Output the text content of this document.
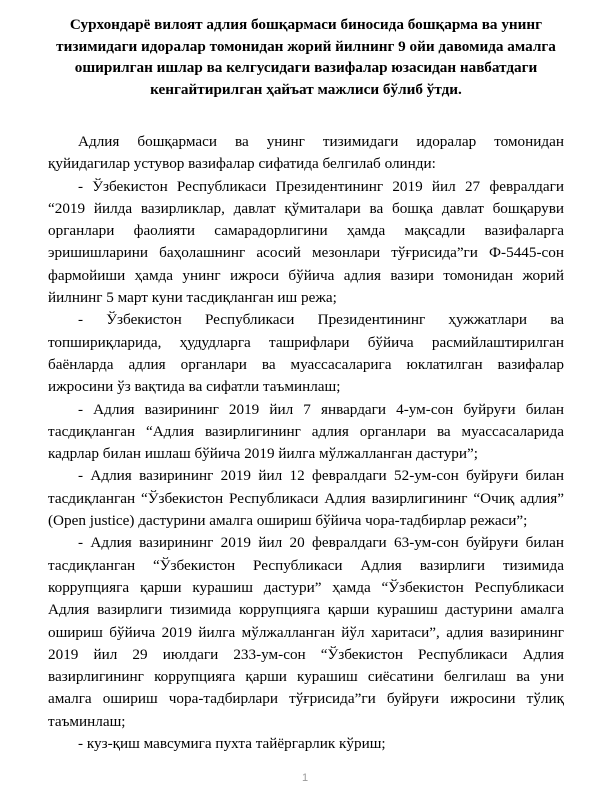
Сурхондарё вилоят адлия бошқармаси биносида бошқарма ва унинг тизимидаги идоралар томонидан жорий йилнинг 9 ойи давомида амалга оширилган ишлар ва келгусидаги вазифалар юзасидан навбатдаги кенгайтирилган ҳайъат мажлиси бўлиб ўтди.

Адлия бошқармаси ва унинг тизимидаги идоралар томонидан қуйидагилар устувор вазифалар сифатида белгилаб олинди:

- Ўзбекистон Республикаси Президентининг 2019 йил 27 февралдаги “2019 йилда вазирликлар, давлат қўмиталари ва бошқа давлат бошқаруви органлари фаолияти самарадорлигини ҳамда мақсадли вазифаларга эришишларини баҳолашнинг асосий мезонлари тўғрисида”ги Ф-5445-сон фармойиши ҳамда унинг ижроси бўйича адлия вазири томонидан жорий йилнинг 5 март куни тасдиқланган иш режа;

- Ўзбекистон Республикаси Президентининг ҳужжатлари ва топшириқларида, ҳудудларга ташрифлари бўйича расмийлаштирилган баёнларда адлия органлари ва муассасаларига юклатилган вазифалар ижросини ўз вақтида ва сифатли таъминлаш;

- Адлия вазирининг 2019 йил 7 январдаги 4-ум-сон буйруғи билан тасдиқланган “Адлия вазирлигининг адлия органлари ва муассасаларида кадрлар билан ишлаш бўйича 2019 йилга мўлжалланган дастури”;

- Адлия вазирининг 2019 йил 12 февралдаги 52-ум-сон буйруғи билан тасдиқланган “Ўзбекистон Республикаси Адлия вазирлигининг “Очиқ адлия” (Open justice) дастурини амалга ошириш бўйича чора-тадбирлар режаси”;

- Адлия вазирининг 2019 йил 20 февралдаги 63-ум-сон буйруғи билан тасдиқланган “Ўзбекистон Республикаси Адлия вазирлиги тизимида коррупцияга қарши курашиш дастури” ҳамда “Ўзбекистон Республикаси Адлия вазирлиги тизимида коррупцияга қарши курашиш дастурини амалга ошириш бўйича 2019 йилга мўлжалланган йўл харитаси”, адлия вазирининг 2019 йил 29 июлдаги 233-ум-сон “Ўзбекистон Республикаси Адлия вазирлигининг коррупцияга қарши курашиш сиёсатини белгилаш ва уни амалга ошириш чора-тадбирлари тўғрисида”ги буйруғи ижросини тўлиқ таъминлаш;

- куз-қиш мавсумига пухта тайёргарлик кўриш;

1
